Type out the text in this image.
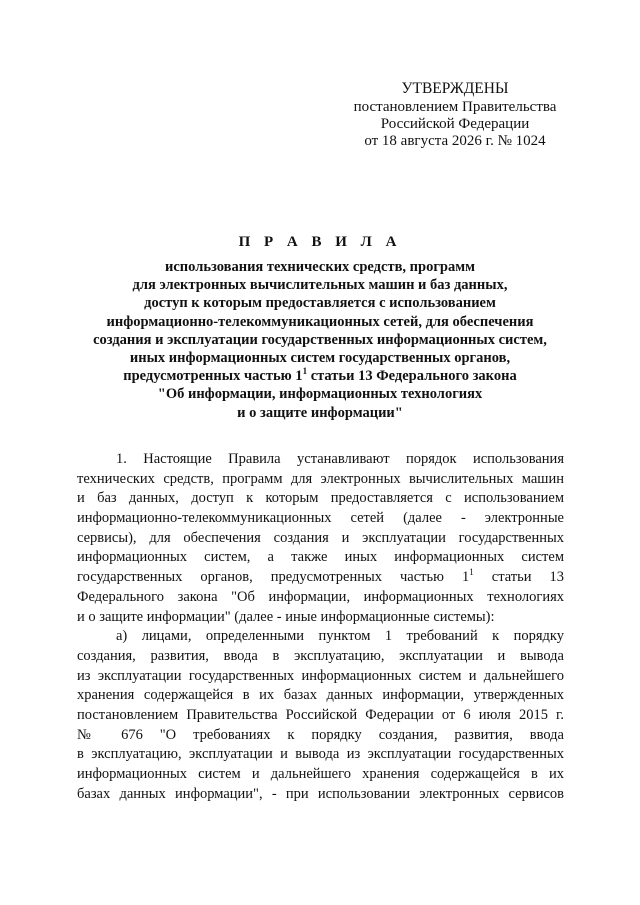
УТВЕРЖДЕНЫ
постановлением Правительства
Российской Федерации
от 18 августа 2026 г. № 1024
П Р А В И Л А
использования технических средств, программ
для электронных вычислительных машин и баз данных,
доступ к которым предоставляется с использованием
информационно-телекоммуникационных сетей, для обеспечения
создания и эксплуатации государственных информационных систем,
иных информационных систем государственных органов,
предусмотренных частью $1^1$ статьи 13 Федерального закона
"Об информации, информационных технологиях
и о защите информации"
1. Настоящие Правила устанавливают порядок использования
технических средств, программ для электронных вычислительных машин
и баз данных, доступ к которым предоставляется с использованием
информационно-телекоммуникационных сетей (далее - электронные
сервисы), для обеспечения создания и эксплуатации государственных
информационных систем, а также иных информационных систем
государственных органов, предусмотренных частью $1^1$ статьи 13
Федерального закона "Об информации, информационных технологиях
и о защите информации" (далее - иные информационные системы):
а) лицами, определенными пунктом 1 требований к порядку
создания, развития, ввода в эксплуатацию, эксплуатации и вывода
из эксплуатации государственных информационных систем и дальнейшего
хранения содержащейся в их базах данных информации, утвержденных
постановлением Правительства Российской Федерации от 6 июля 2015 г.
№ 676 "О требованиях к порядку создания, развития, ввода
в эксплуатацию, эксплуатации и вывода из эксплуатации государственных
информационных систем и дальнейшего хранения содержащейся в их
базах данных информации", - при использовании электронных сервисов
